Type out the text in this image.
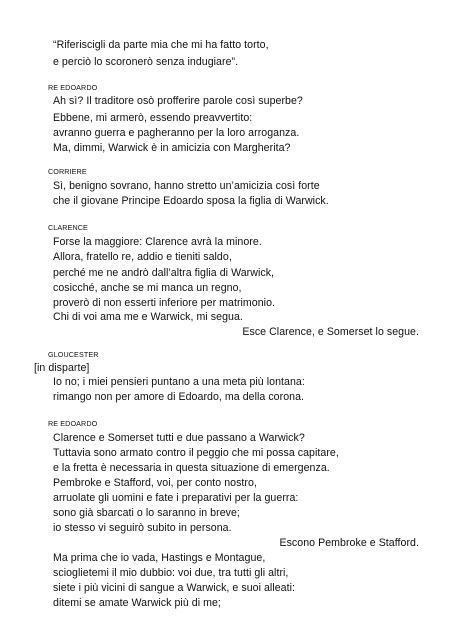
“Riferiscigli da parte mia che mi ha fatto torto,
e perciò lo scoronerò senza indugiare”.
RE EDOARDO
Ah sì? Il traditore osò profferire parole così superbe?
Ebbene, mi armerò, essendo preavvertito:
avranno guerra e pagheranno per la loro arroganza.
Ma, dimmi, Warwick è in amicizia con Margherita?
CORRIERE
Sì, benigno sovrano, hanno stretto un’amicizia così forte
che il giovane Principe Edoardo sposa la figlia di Warwick.
CLARENCE
Forse la maggiore: Clarence avrà la minore.
Allora, fratello re, addio e tieniti saldo,
perché me ne andrò dall’altra figlia di Warwick,
cosicché, anche se mi manca un regno,
proverò di non esserti inferiore per matrimonio.
Chi di voi ama me e Warwick, mi segua.
Esce Clarence, e Somerset lo segue.
GLOUCESTER
[in disparte]
Io no; i miei pensieri puntano a una meta più lontana:
rimango non per amore di Edoardo, ma della corona.
RE EDOARDO
Clarence e Somerset tutti e due passano a Warwick?
Tuttavia sono armato contro il peggio che mi possa capitare,
e la fretta è necessaria in questa situazione di emergenza.
Pembroke e Stafford, voi, per conto nostro,
arruolate gli uomini e fate i preparativi per la guerra:
sono già sbarcati o lo saranno in breve;
io stesso vi seguirò subito in persona.
Escono Pembroke e Stafford.
Ma prima che io vada, Hastings e Montague,
scioglietemi il mio dubbio: voi due, tra tutti gli altri,
siete i più vicini di sangue a Warwick, e suoi alleati:
ditemi se amate Warwick più di me;
